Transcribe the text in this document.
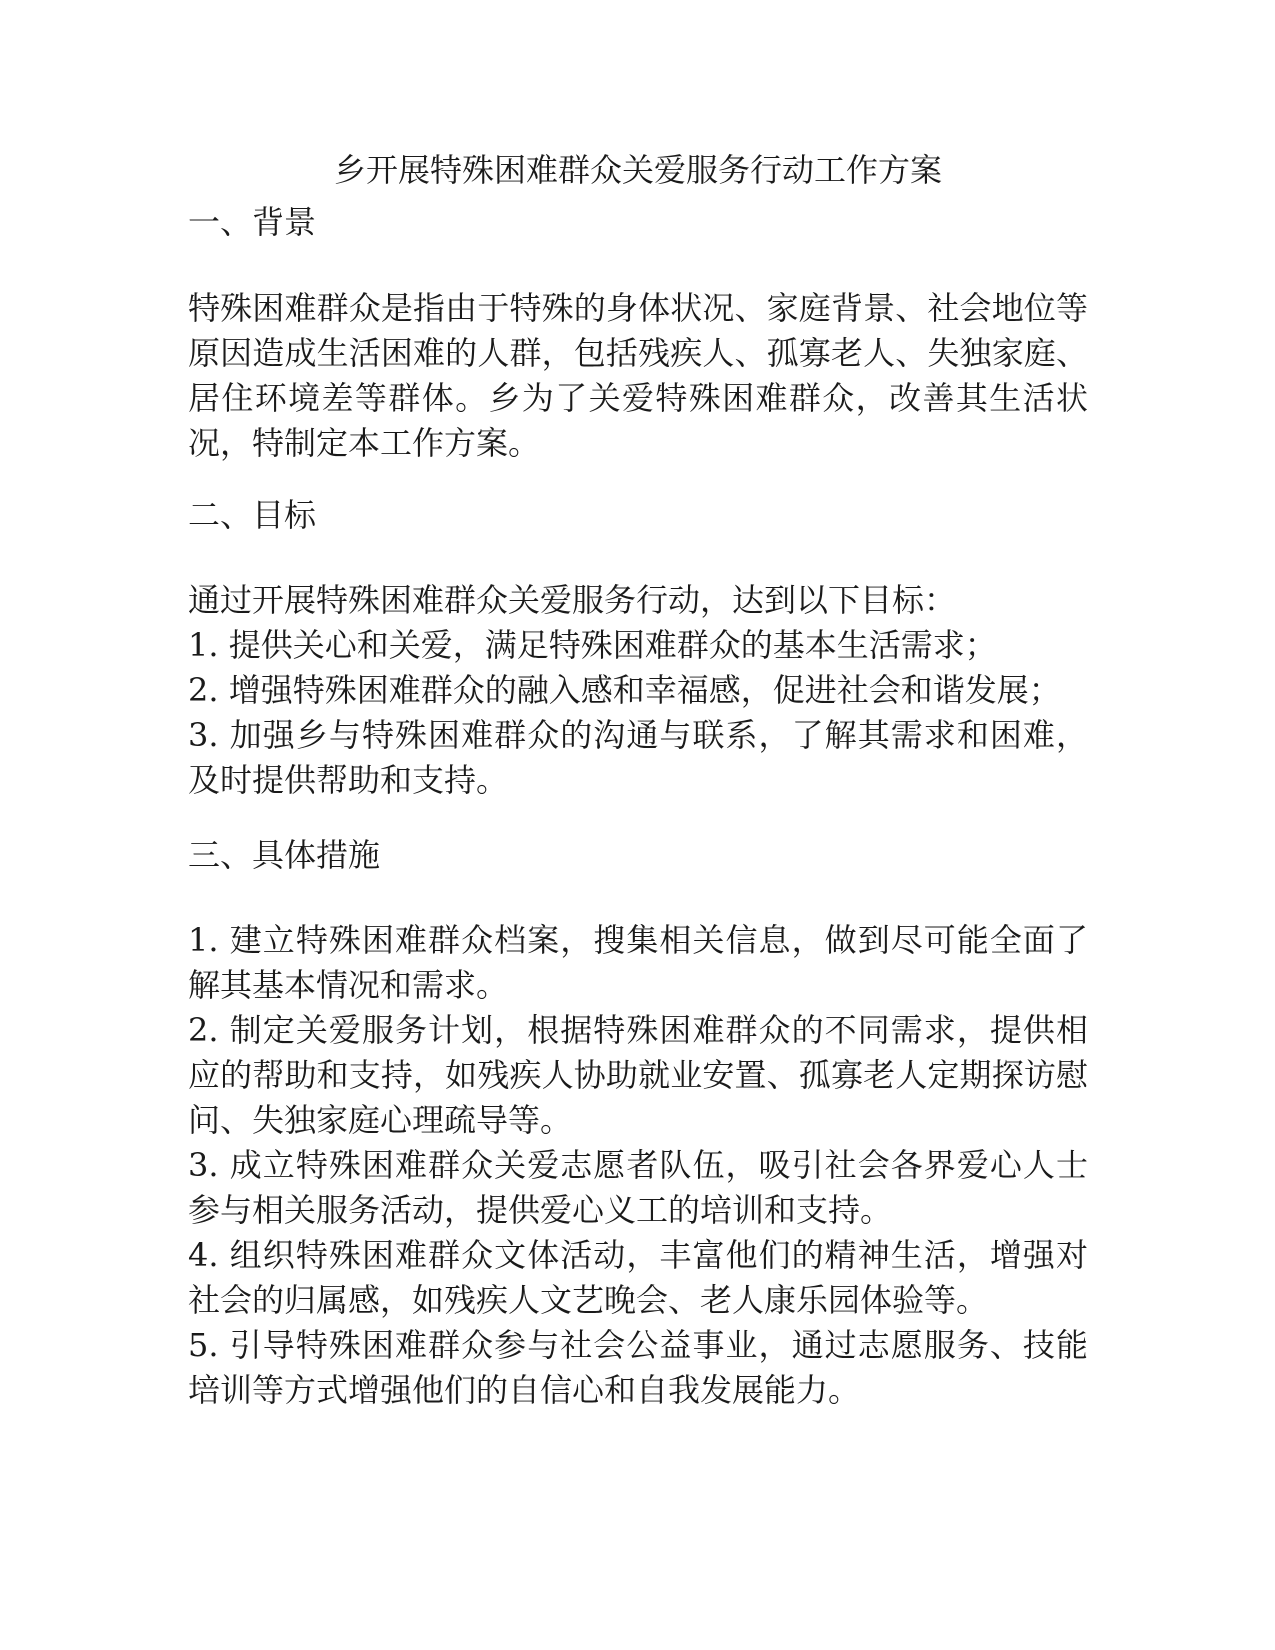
乡开展特殊困难群众关爱服务行动工作方案
一、背景

特殊困难群众是指由于特殊的身体状况、家庭背景、社会地位等原因造成生活困难的人群，包括残疾人、孤寡老人、失独家庭、居住环境差等群体。乡为了关爱特殊困难群众，改善其生活状况，特制定本工作方案。

二、目标
通过开展特殊困难群众关爱服务行动，达到以下目标：
1. 提供关心和关爱，满足特殊困难群众的基本生活需求；
2. 增强特殊困难群众的融入感和幸福感，促进社会和谐发展；
3. 加强乡与特殊困难群众的沟通与联系，了解其需求和困难，及时提供帮助和支持。
三、具体措施
1. 建立特殊困难群众档案，搜集相关信息，做到尽可能全面了解其基本情况和需求。
2. 制定关爱服务计划，根据特殊困难群众的不同需求，提供相应的帮助和支持，如残疾人协助就业安置、孤寡老人定期探访慰问、失独家庭心理疏导等。
3. 成立特殊困难群众关爱志愿者队伍，吸引社会各界爱心人士参与相关服务活动，提供爱心义工的培训和支持。
4. 组织特殊困难群众文体活动，丰富他们的精神生活，增强对社会的归属感，如残疾人文艺晚会、老人康乐园体验等。
5. 引导特殊困难群众参与社会公益事业，通过志愿服务、技能培训等方式增强他们的自信心和自我发展能力。
